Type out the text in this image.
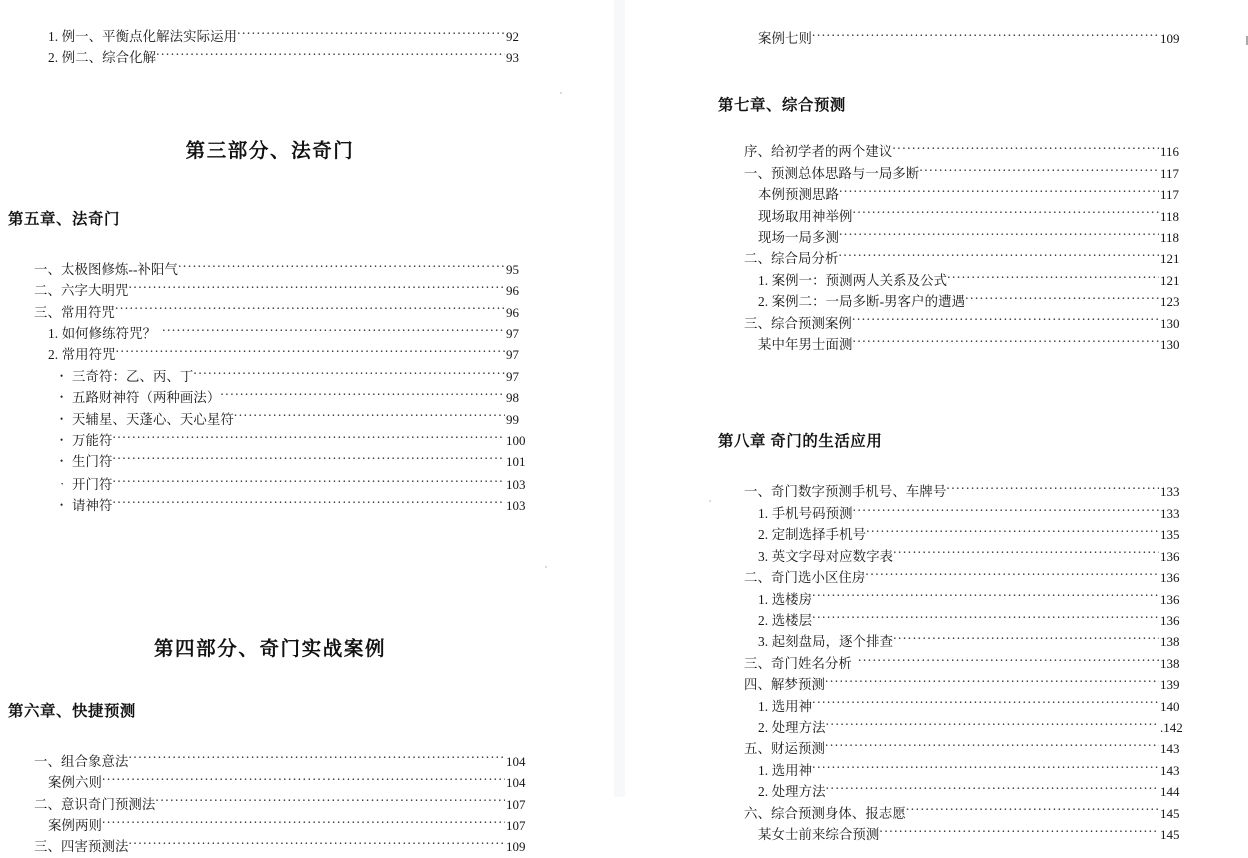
1. 例一、平衡点化解法实际运用 . . .	92
2. 例二、综合化解 . . .	93
第三部分、法奇门
第五章、法奇门
一、太极图修炼--补阳气 . . .	95
二、六字大明咒 . . .	96
三、常用符咒 . . .	96
1. 如何修练符咒？ . . .	97
2. 常用符咒 . . .	97
• 三奇符：乙、丙、丁 . . .	97
• 五路财神符（两种画法） . . .	98
• 天辅星、天蓬心、天心星符 . . .	99
• 万能符 . . .	100
• 生门符 . . .	101
· 开门符 . . .	103
• 请神符 . . .	103
第四部分、奇门实战案例
第六章、快捷预测
一、组合象意法 . . .	104
案例六则 . . .	104
二、意识奇门预测法 . . .	107
案例两则 . . .	107
三、四害预测法 . . .	109
案例七则 . . .	109
第七章、综合预测
序、给初学者的两个建议 . . .	116
一、预测总体思路与一局多断 . . .	117
本例预测思路 . . .	117
现场取用神举例 . . .	118
现场一局多测 . . .	118
二、综合局分析 . . .	121
1. 案例一：预测两人关系及公式 . . .	121
2. 案例二：一局多断-男客户的遭遇 . . .	123
三、综合预测案例 . . .	130
某中年男士面测 . . .	130
第八章 奇门的生活应用
一、奇门数字预测手机号、车牌号 . . .	133
1. 手机号码预测 . . .	133
2. 定制选择手机号 . . .	135
3. 英文字母对应数字表 . . .	136
二、奇门选小区住房 . . .	136
1. 选楼房 . . .	136
2. 选楼层 . . .	136
3. 起刻盘局，逐个排查 . . .	138
三、奇门姓名分析 . . .	138
四、解梦预测 . . .	139
1. 选用神 . . .	140
2. 处理方法 . . .	.142
五、财运预测 . . .	143
1. 选用神 . . .	143
2. 处理方法 . . .	144
六、综合预测身体、报志愿 . . .	145
某女士前来综合预测 . . .	145
